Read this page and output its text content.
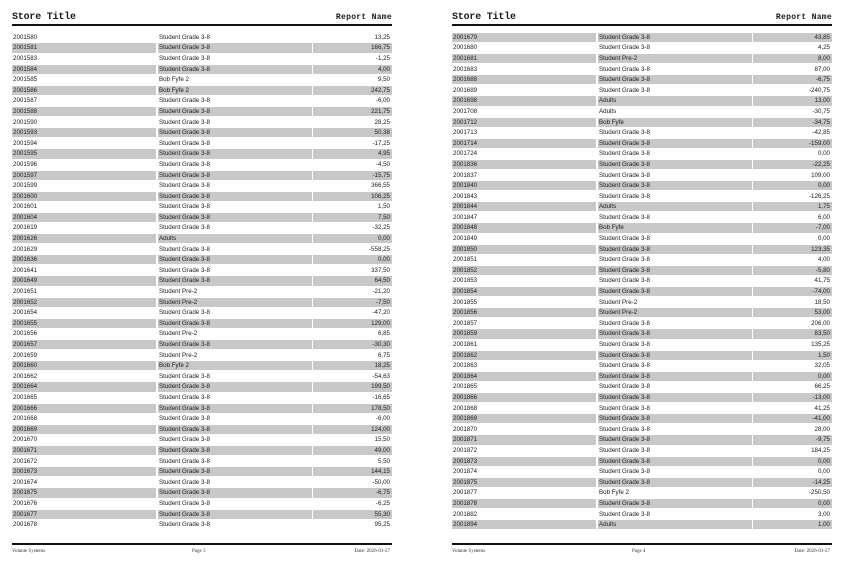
Store Title	Report Name
2001580	Student Grade 3-8	13,25
2001581	Student Grade 3-8	166,75
2001583	Student Grade 3-8	-1,25
2001584	Student Grade 3-8	4,00
2001585	Bob Fyfe 2	9,50
2001586	Bob Fyfe 2	242,75
2001587	Student Grade 3-8	-6,00
2001588	Student Grade 3-8	221,75
2001590	Student Grade 3-8	28,25
2001593	Student Grade 3-8	50,38
2001594	Student Grade 3-8	-17,25
2001595	Student Grade 3-8	4,95
2001596	Student Grade 3-8	-4,50
2001597	Student Grade 3-8	-15,75
2001599	Student Grade 3-8	366,55
2001600	Student Grade 3-8	106,25
2001601	Student Grade 3-8	1,50
2001604	Student Grade 3-8	7,50
2001619	Student Grade 3-8	-32,25
2001626	Adults	0,00
2001629	Student Grade 3-8	-558,25
2001636	Student Grade 3-8	0,00
2001641	Student Grade 3-8	337,50
2001649	Student Grade 3-8	64,50
2001651	Student Pre-2	-21,20
2001652	Student Pre-2	-7,50
2001654	Student Grade 3-8	-47,20
2001655	Student Grade 3-8	129,00
2001656	Student Pre-2	6,85
2001657	Student Grade 3-8	-30,30
2001659	Student Pre-2	6,75
2001660	Bob Fyfe 2	18,25
2001662	Student Grade 3-8	-54,63
2001664	Student Grade 3-8	199,50
2001665	Student Grade 3-8	-16,65
2001666	Student Grade 3-8	178,50
2001668	Student Grade 3-8	-6,00
2001669	Student Grade 3-8	124,00
2001670	Student Grade 3-8	15,50
2001671	Student Grade 3-8	49,00
2001672	Student Grade 3-8	5,50
2001673	Student Grade 3-8	144,15
2001674	Student Grade 3-8	-50,00
2001675	Student Grade 3-8	-6,75
2001676	Student Grade 3-8	-6,25
2001677	Student Grade 3-8	55,30
2001678	Student Grade 3-8	95,25
Volante Systems	Page 3	Date: 2026-01-27
Store Title	Report Name
2001679	Student Grade 3-8	43,85
2001680	Student Grade 3-8	4,25
2001681	Student Pre-2	8,00
2001683	Student Grade 3-8	87,00
2001688	Student Grade 3-8	-6,75
2001689	Student Grade 3-8	-240,75
2001698	Adults	13,00
2001708	Adults	-30,75
2001712	Bob Fyfe	-34,75
2001713	Student Grade 3-8	-42,85
2001714	Student Grade 3-8	-159,00
2001724	Student Grade 3-8	0,00
2001836	Student Grade 3-8	-22,25
2001837	Student Grade 3-8	109,00
2001840	Student Grade 3-8	0,00
2001843	Student Grade 3-8	-126,25
2001844	Adults	1,75
2001847	Student Grade 3-8	6,00
2001848	Bob Fyfe	-7,00
2001849	Student Grade 3-8	0,00
2001850	Student Grade 3-8	123,35
2001851	Student Grade 3-8	4,00
2001852	Student Grade 3-8	-5,80
2001853	Student Grade 3-8	41,75
2001854	Student Grade 3-8	-74,00
2001855	Student Pre-2	18,50
2001856	Student Pre-2	53,00
2001857	Student Grade 3-8	206,00
2001859	Student Grade 3-8	83,50
2001861	Student Grade 3-8	135,25
2001862	Student Grade 3-8	1,50
2001863	Student Grade 3-8	32,05
2001864	Student Grade 3-8	0,00
2001865	Student Grade 3-8	66,25
2001866	Student Grade 3-8	-13,00
2001868	Student Grade 3-8	41,25
2001869	Student Grade 3-8	-41,00
2001870	Student Grade 3-8	28,00
2001871	Student Grade 3-8	-9,75
2001872	Student Grade 3-8	184,25
2001873	Student Grade 3-8	0,00
2001874	Student Grade 3-8	0,00
2001875	Student Grade 3-8	-14,25
2001877	Bob Fyfe 2	-250,50
2001878	Student Grade 3-8	0,00
2001882	Student Grade 3-8	3,00
2001894	Adults	1,00
Volante Systems	Page 4	Date: 2026-01-27
